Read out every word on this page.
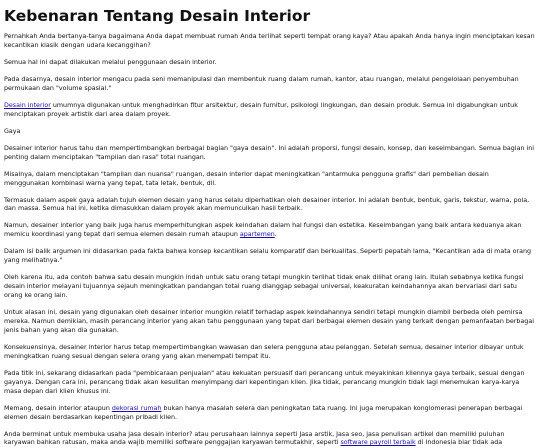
Kebenaran Tentang Desain Interior

Pernahkah Anda bertanya-tanya bagaimana Anda dapat membuat rumah Anda terlihat seperti tempat orang kaya? Atau apakah Anda hanya ingin menciptakan kesan kecantikan klasik dengan udara kecanggihan?

Semua hal ini dapat dilakukan melalui penggunaan desain interior.

Pada dasarnya, desain interior mengacu pada seni memanipulasi dan membentuk ruang dalam rumah, kantor, atau ruangan, melalui pengelolaan penyembuhan permukaan dan "volume spasial."

Desain interior umumnya digunakan untuk menghadirkan fitur arsitektur, desain furnitur, psikologi lingkungan, dan desain produk. Semua ini digabungkan untuk menciptakan proyek artistik dari area dalam proyek.

Gaya

Desainer interior harus tahu dan mempertimbangkan berbagai bagian "gaya desain". Ini adalah proporsi, fungsi desain, konsep, dan keseimbangan. Semua bagian ini penting dalam menciptakan "tampilan dan rasa" total ruangan.

Misalnya, dalam menciptakan "tampilan dan nuansa" ruangan, desain interior dapat meningkatkan "antarmuka pengguna grafis" dari pembelian desain menggunakan kombinasi warna yang tepat, tata letak, bentuk, dll.

Termasuk dalam aspek gaya adalah tujuh elemen desain yang harus selalu diperhatikan oleh desainer interior. Ini adalah bentuk, bentuk, garis, tekstur, warna, pola, dan massa. Semua hal ini, ketika dimasukkan dalam proyek akan memunculkan hasil terbaik.

Namun, desainer interior yang baik juga harus memperhitungkan aspek keindahan dalam hal fungsi dan estetika. Keseimbangan yang baik antara keduanya akan memicu koordinasi yang tepat dari semua elemen desain rumah ataupun apartemen.

Dalam isi balik argumen ini didasarkan pada fakta bahwa konsep kecantikan selalu komparatif dan berkualitas. Seperti pepatah lama, "Kecantikan ada di mata orang yang melihatnya."

Oleh karena itu, ada contoh bahwa satu desain mungkin indah untuk satu orang tetapi mungkin terlihat tidak enak dilihat orang lain. Itulah sebabnya ketika fungsi desain interior melayani tujuannya sejauh meningkatkan pandangan total ruang dianggap sebagai universal, keakuratan keindahannya akan bervariasi dari satu orang ke orang lain.

Untuk alasan ini, desain yang digunakan oleh desainer interior mungkin relatif terhadap aspek keindahannya sendiri tetapi mungkin diambil berbeda oleh pemirsa mereka. Namun demikian, masih perancang interior yang akan tahu penggunaan yang tepat dari berbagai elemen desain yang terkait dengan pemanfaatan berbagai jenis bahan yang akan dia gunakan.

Konsekuensinya, desainer interior harus tetap mempertimbangkan wawasan dan selera pengguna atau pelanggan. Setelah semua, desainer interior dibayar untuk meningkatkan ruang sesuai dengan selera orang yang akan menempati tempat itu.

Pada titik ini, sekarang didasarkan pada "pembicaraan penjualan" atau kekuatan persuasif dari perancang untuk meyakinkan kliennya gaya terbaik, sesuai dengan gayanya. Dengan cara ini, perancang tidak akan kesulitan menyimpang dari kepentingan klien. Jika tidak, perancang mungkin tidak lagi menemukan karya-karya masa depan dari klien khusus ini.

Memang, desain interior ataupun dekorasi rumah bukan hanya masalah selera dan peningkatan tata ruang. Ini juga merupakan konglomerasi penerapan berbagai elemen desain berdasarkan kepentingan pribadi klien.

Anda berminat untuk membuka usaha jasa desain interior? atau perusahaan lainnya seperti Jasa arstik, Jasa seo, jasa penulisan artikel dan memiliki puluhan karyawan bahkan ratusan, maka anda wajib memiliki software penggajian karyawan termutakhir, seperti software payroll terbaik di Indonesia biar tidak ada
